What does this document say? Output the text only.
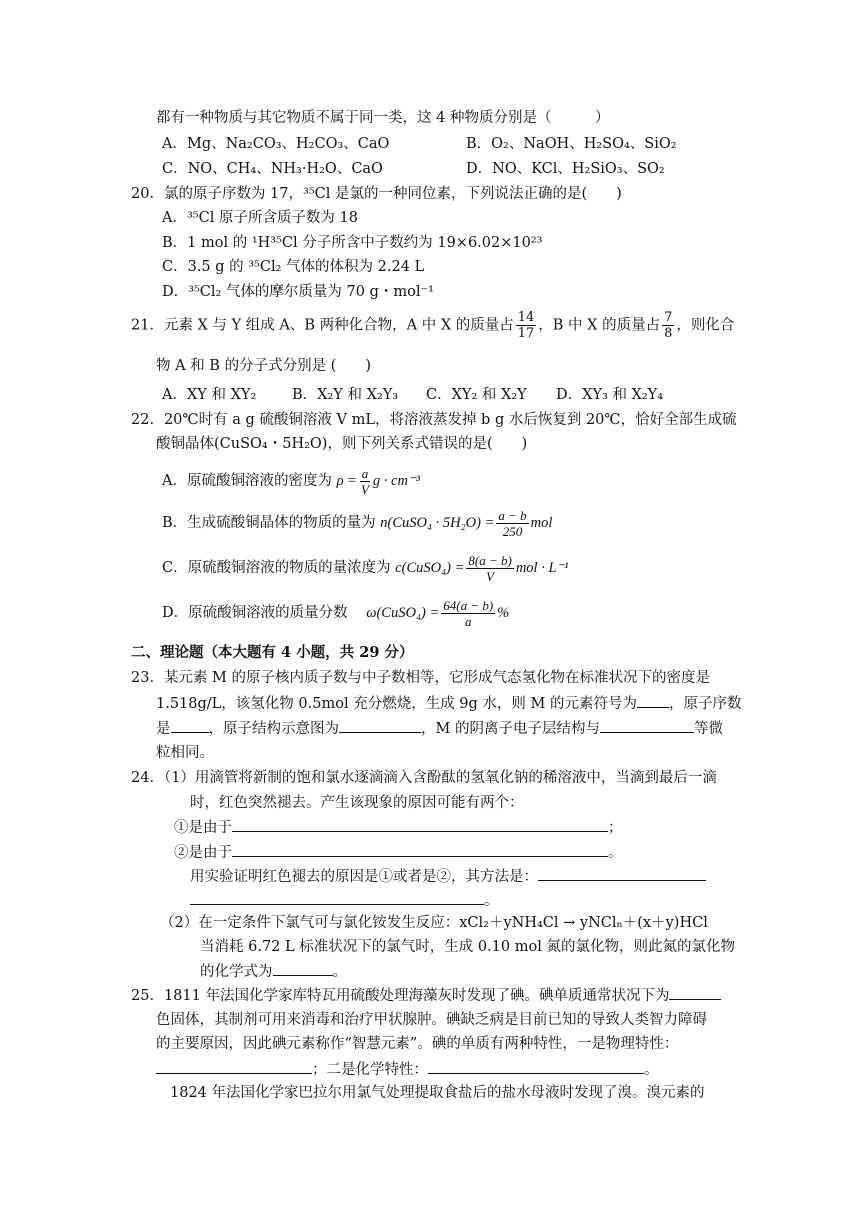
都有一种物质与其它物质不属于同一类，这 4 种物质分别是（　　　）
A．Mg、Na₂CO₃、H₂CO₃、CaO	B．O₂、NaOH、H₂SO₄、SiO₂
C．NO、CH₄、NH₃·H₂O、CaO	D．NO、KCl、H₂SiO₃、SO₂
20．氯的原子序数为 17，³⁵Cl 是氯的一种同位素，下列说法正确的是(　　)
A．³⁵Cl 原子所含质子数为 18
B．1 mol 的 ¹H³⁵Cl 分子所含中子数约为 19×6.02×10²³
C．3.5 g 的 ³⁵Cl₂ 气体的体积为 2.24 L
D．³⁵Cl₂ 气体的摩尔质量为 70 g・mol⁻¹
21．元素 X 与 Y 组成 A、B 两种化合物，A 中 X 的质量占 $\frac{14}{17}$ ，B 中 X 的质量占 $\frac{7}{8}$ ，则化合
物 A 和 B 的分子式分别是 (　　)
A．XY 和 XY₂ B．X₂Y 和 X₂Y₃ C．XY₂ 和 X₂Y D．XY₃ 和 X₂Y₄
22．20℃时有 a g 硫酸铜溶液 V mL，将溶液蒸发掉 b g 水后恢复到 20℃，恰好全部生成硫
酸铜晶体(CuSO₄・5H₂O)，则下列关系式错误的是(　　)
A．原硫酸铜溶液的密度为 $\rho = \frac{a}{V}$ g · cm⁻³
B．生成硫酸铜晶体的物质的量为 n(CuSO₄ · $5H_2O) = \frac{a - b}{250}$ mol
C．原硫酸铜溶液的物质的量浓度为 c(CuSO₄) = $\frac{8(a - b)}{V}$ mol · L⁻¹
D．原硫酸铜溶液的质量分数 ω(CuSO₄) = $\frac{64(a - b)}{a}$ %
二、理论题（本大题有 4 小题，共 29 分）
23．某元素 M 的原子核内质子数与中子数相等，它形成气态氢化物在标准状况下的密度是
1.518g/L，该氢化物 0.5mol 充分燃烧，生成 9g 水，则 M 的元素符号为 ，原子序数
是	，原子结构示意图为	，M 的阴离子电子层结构与	等微
粒相同。
24．（1）用滴管将新制的饱和氯水逐滴滴入含酚酞的氢氧化钠的稀溶液中，当滴到最后一滴
时，红色突然褪去。产生该现象的原因可能有两个：
①是由于	；
②是由于	。
用实验证明红色褪去的原因是①或者是②，其方法是：
。
（2）在一定条件下氯气可与氯化铵发生反应：xCl₂＋yNH₄Cl → yNClₙ＋(x＋y)HCl
当消耗 6.72 L 标准状况下的氯气时，生成 0.10 mol 氮的氯化物，则此氮的氯化物
的化学式为	。
25．1811 年法国化学家库特瓦用硫酸处理海藻灰时发现了碘。碘单质通常状况下为
色固体，其制剂可用来消毒和治疗甲状腺肿。碘缺乏病是目前已知的导致人类智力障碍
的主要原因，因此碘元素称作“智慧元素”。碘的单质有两种特性，一是物理特性：
；二是化学特性：	。
1824 年法国化学家巴拉尔用氯气处理提取食盐后的盐水母液时发现了溴。溴元素的
